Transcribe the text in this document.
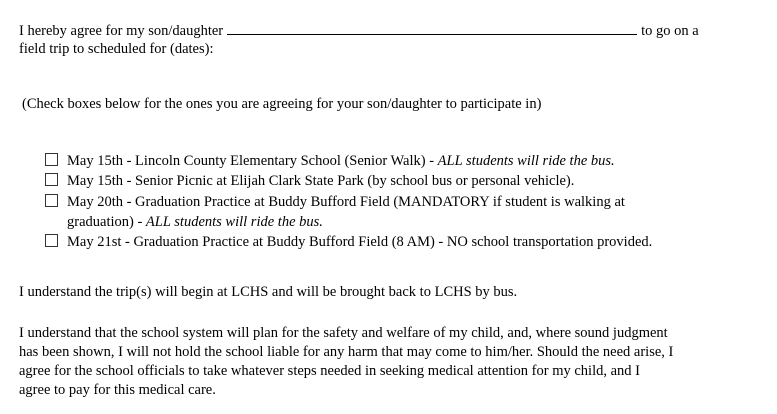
I hereby agree for my son/daughter	to go on a
field trip to scheduled for (dates):
(Check boxes below for the ones you are agreeing for your son/daughter to participate in)
May 15th - Lincoln County Elementary School (Senior Walk) - ALL students will ride the bus.
May 15th - Senior Picnic at Elijah Clark State Park (by school bus or personal vehicle).
May 20th - Graduation Practice at Buddy Bufford Field (MANDATORY if student is walking at
graduation) - ALL students will ride the bus.
May 21st - Graduation Practice at Buddy Bufford Field (8 AM) - NO school transportation provided.
I understand the trip(s) will begin at LCHS and will be brought back to LCHS by bus.
I understand that the school system will plan for the safety and welfare of my child, and, where sound judgment
has been shown, I will not hold the school liable for any harm that may come to him/her. Should the need arise, I
agree for the school officials to take whatever steps needed in seeking medical attention for my child, and I
agree to pay for this medical care.
